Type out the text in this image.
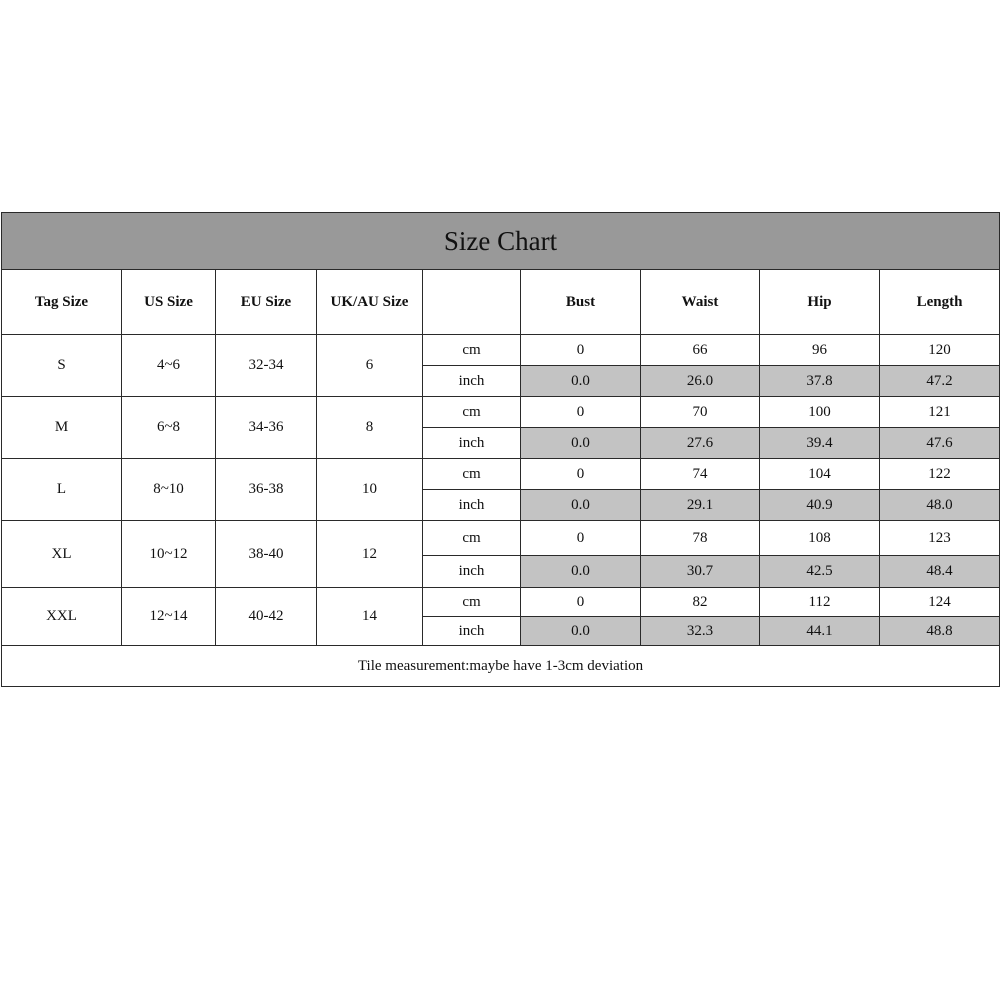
Size Chart								
Tag Size	US Size	EU Size	UK/AU Size		Bust	Waist	Hip	Length
S	4~6	32-34	6	cm	0	66	96	120
				inch	0.0	26.0	37.8	47.2
M	6~8	34-36	8	cm	0	70	100	121
				inch	0.0	27.6	39.4	47.6
L	8~10	36-38	10	cm	0	74	104	122
				inch	0.0	29.1	40.9	48.0
XL	10~12	38-40	12	cm	0	78	108	123
				inch	0.0	30.7	42.5	48.4
XXL	12~14	40-42	14	cm	0	82	112	124
				inch	0.0	32.3	44.1	48.8
Tile measurement:maybe have 1-3cm deviation								
